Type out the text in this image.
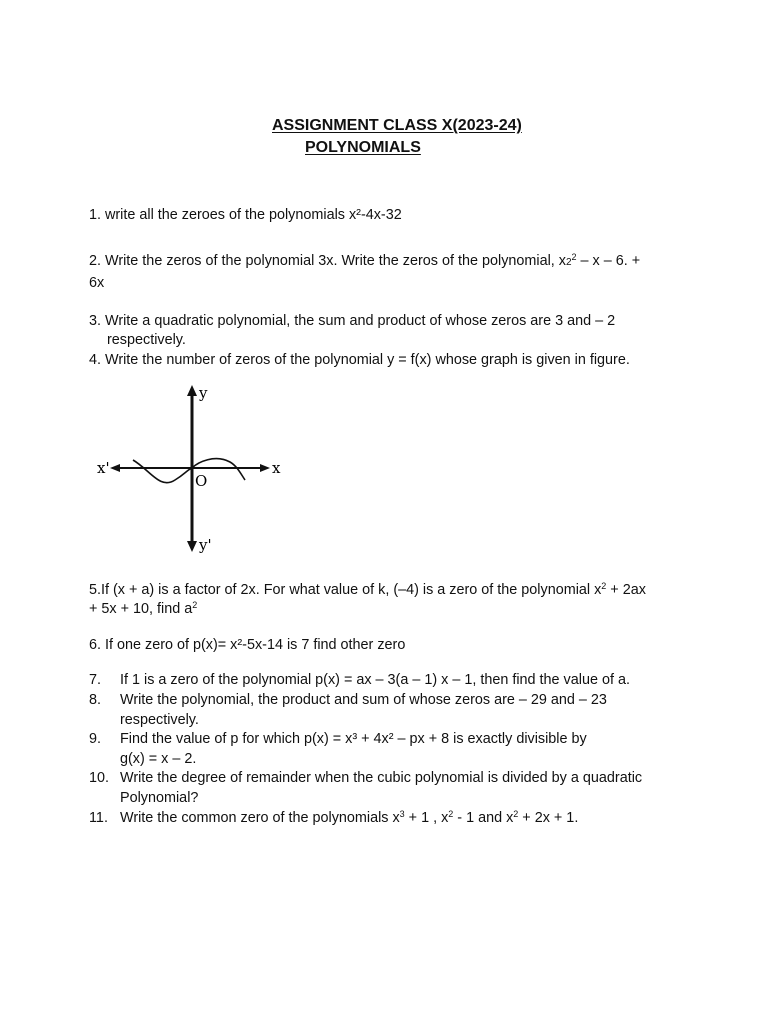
ASSIGNMENT CLASS X(2023-24)
POLYNOMIALS
1. write all the zeroes of the polynomials x²-4x-32
2. Write the zeros of the polynomial 3x. Write the zeros of the polynomial, $x2^2$ – x – 6. +
6x
3. Write a quadratic polynomial, the sum and product of whose zeros are 3 and – 2
respectively.
4. Write the number of zeros of the polynomial y = f(x) whose graph is given in figure.
y
y'
x
x'
O
5.If (x + a) is a factor of 2x. For what value of k, (–4) is a zero of the polynomial $x^2 + 2ax$
+ 5x + 10, find $a^2$
6. If one zero of p(x)= x²-5x-14 is 7 find other zero
7. If 1 is a zero of the polynomial p(x) = ax – 3(a – 1) x – 1, then find the value of a.
8. Write the polynomial, the product and sum of whose zeros are – 29 and – 23
respectively.
9. Find the value of p for which p(x) = x³ + 4x² – px + 8 is exactly divisible by
g(x) = x – 2.
10. Write the degree of remainder when the cubic polynomial is divided by a quadratic
Polynomial?
11. Write the common zero of the polynomials $x^3 + 1$ , $x^2 - 1$ and $x^2 + 2x + 1$.
